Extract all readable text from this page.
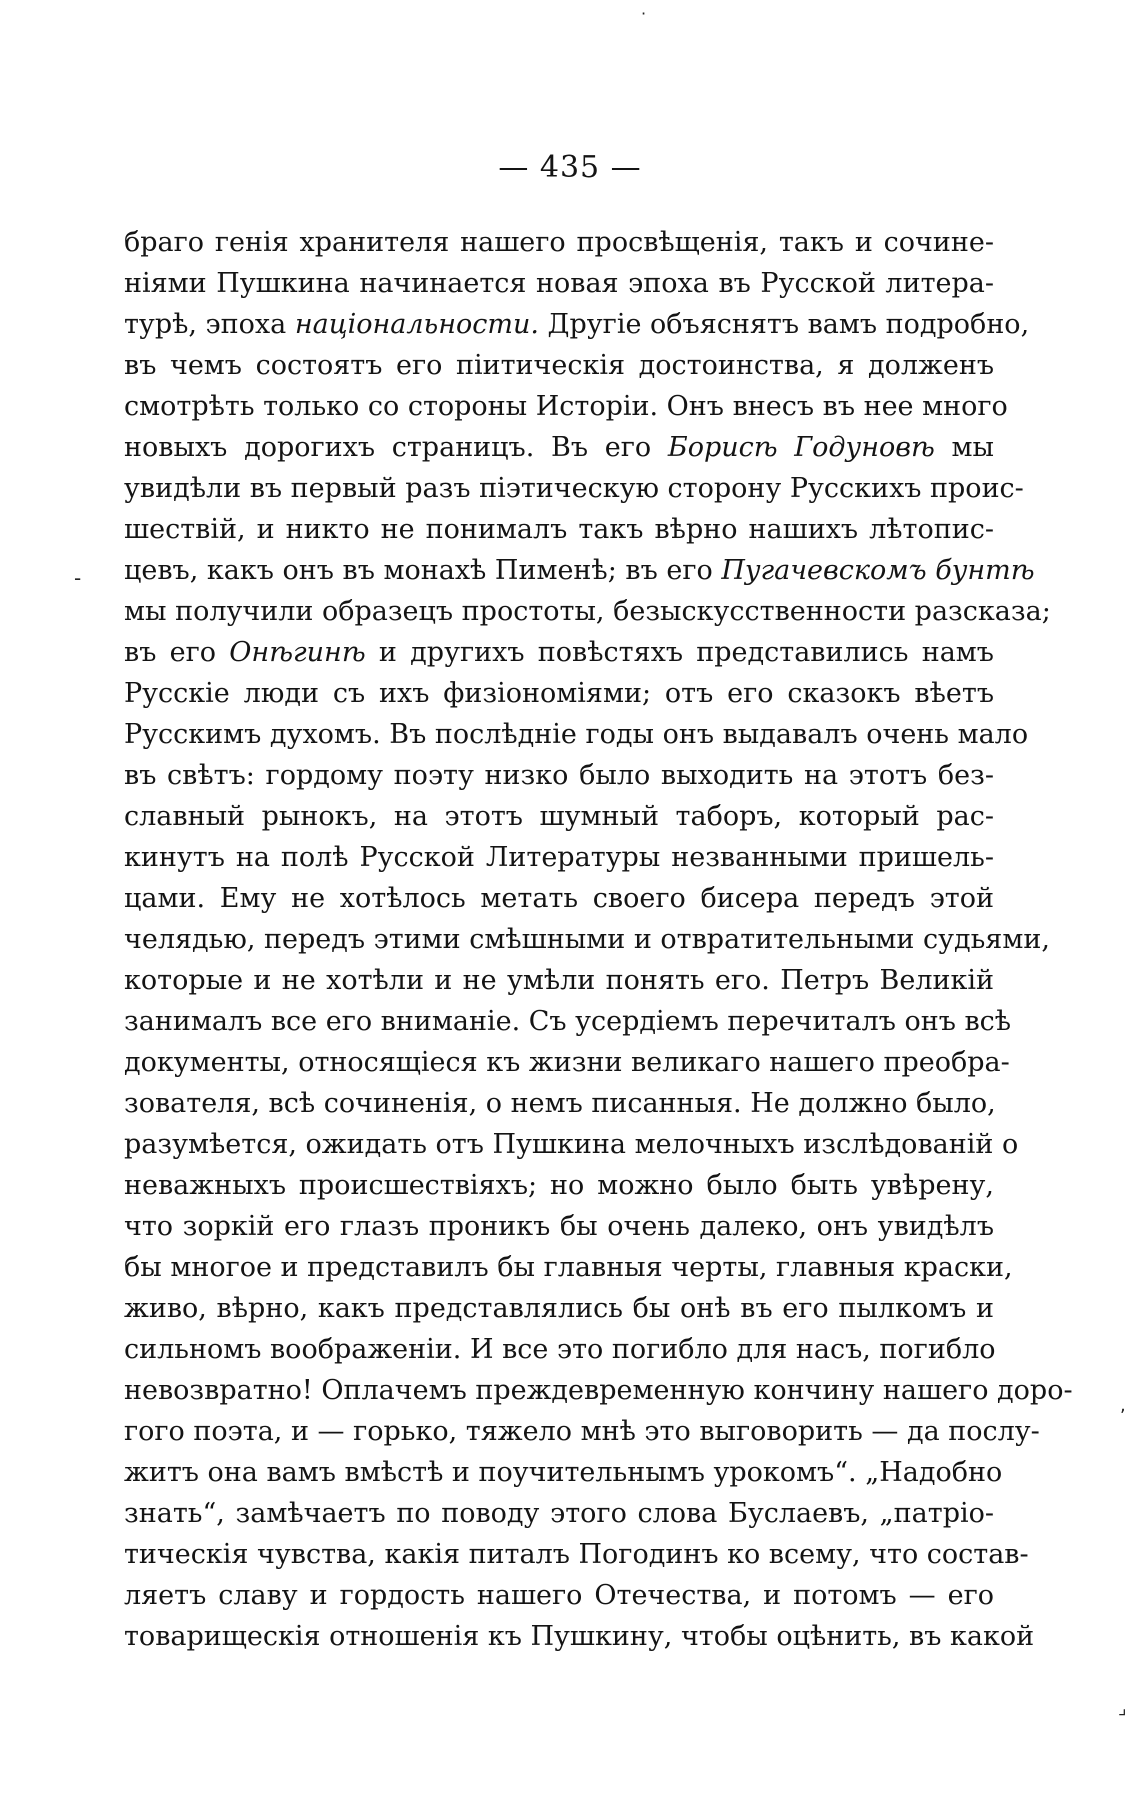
·
-
,
⌟
— 435 —
браго генія хранителя нашего просвѣщенія, такъ и сочине-
ніями Пушкина начинается новая эпоха въ Русской литера-
турѣ, эпоха національности. Другіе объяснятъ вамъ подробно,
въ чемъ состоятъ его піитическія достоинства, я долженъ
смотрѣть только со стороны Исторіи. Онъ внесъ въ нее много
новыхъ дорогихъ страницъ. Въ его Борисѣ Годуновѣ мы
увидѣли въ первый разъ піэтическую сторону Русскихъ проис-
шествій, и никто не понималъ такъ вѣрно нашихъ лѣтопис-
цевъ, какъ онъ въ монахѣ Пименѣ; въ его Пугачевскомъ бунтѣ
мы получили образецъ простоты, безыскусственности разсказа;
въ его Онѣгинѣ и другихъ повѣстяхъ представились намъ
Русскіе люди съ ихъ физіономіями; отъ его сказокъ вѣетъ
Русскимъ духомъ. Въ послѣдніе годы онъ выдавалъ очень мало
въ свѣтъ: гордому поэту низко было выходить на этотъ без-
славный рынокъ, на этотъ шумный таборъ, который рас-
кинутъ на полѣ Русской Литературы незванными пришель-
цами. Ему не хотѣлось метать своего бисера передъ этой
челядью, передъ этими смѣшными и отвратительными судьями,
которые и не хотѣли и не умѣли понять его. Петръ Великій
занималъ все его вниманіе. Съ усердіемъ перечиталъ онъ всѣ
документы, относящіеся къ жизни великаго нашего преобра-
зователя, всѣ сочиненія, о немъ писанныя. Не должно было,
разумѣется, ожидать отъ Пушкина мелочныхъ изслѣдованій о
неважныхъ происшествіяхъ; но можно было быть увѣрену,
что зоркій его глазъ проникъ бы очень далеко, онъ увидѣлъ
бы многое и представилъ бы главныя черты, главныя краски,
живо, вѣрно, какъ представлялись бы онѣ въ его пылкомъ и
сильномъ воображеніи. И все это погибло для насъ, погибло
невозвратно! Оплачемъ преждевременную кончину нашего доро-
гого поэта, и — горько, тяжело мнѣ это выговорить — да послу-
житъ она вамъ вмѣстѣ и поучительнымъ урокомъ“. „Надобно
знать“, замѣчаетъ по поводу этого слова Буслаевъ, „патріо-
тическія чувства, какія питалъ Погодинъ ко всему, что состав-
ляетъ славу и гордость нашего Отечества, и потомъ — его
товарищескія отношенія къ Пушкину, чтобы оцѣнить, въ какой
